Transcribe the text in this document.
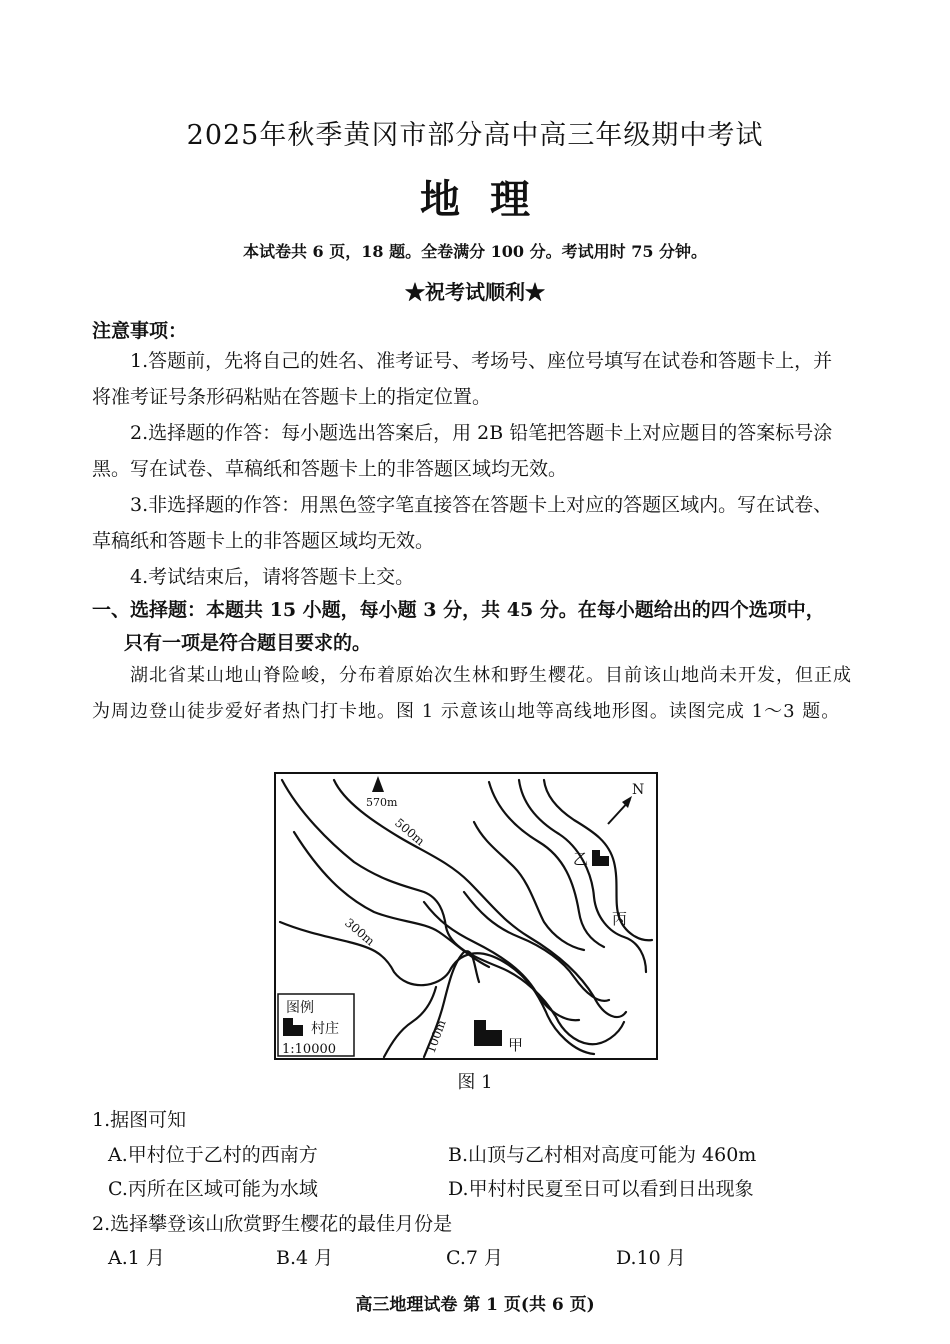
2025年秋季黄冈市部分高中高三年级期中考试
地理
本试卷共 6 页，18 题。全卷满分 100 分。考试用时 75 分钟。
★祝考试顺利★
注意事项：
1.答题前，先将自己的姓名、准考证号、考场号、座位号填写在试卷和答题卡上，并将准考证号条形码粘贴在答题卡上的指定位置。
2.选择题的作答：每小题选出答案后，用 2B 铅笔把答题卡上对应题目的答案标号涂黑。写在试卷、草稿纸和答题卡上的非答题区域均无效。
3.非选择题的作答：用黑色签字笔直接答在答题卡上对应的答题区域内。写在试卷、草稿纸和答题卡上的非答题区域均无效。
4.考试结束后，请将答题卡上交。
一、选择题：本题共 15 小题，每小题 3 分，共 45 分。在每小题给出的四个选项中，
只有一项是符合题目要求的。
湖北省某山地山脊险峻，分布着原始次生林和野生樱花。目前该山地尚未开发，但正成为周边登山徒步爱好者热门打卡地。图 1 示意该山地等高线地形图。读图完成 1～3 题。
570m
500m
300m
100m
N
乙
丙
甲
图例
村庄
1:10000
图 1
1.据图可知
A.甲村位于乙村的西南方	B.山顶与乙村相对高度可能为 460m
C.丙所在区域可能为水域	D.甲村村民夏至日可以看到日出现象
2.选择攀登该山欣赏野生樱花的最佳月份是
A.1 月	B.4 月	C.7 月	D.10 月
高三地理试卷 第 1 页(共 6 页)
